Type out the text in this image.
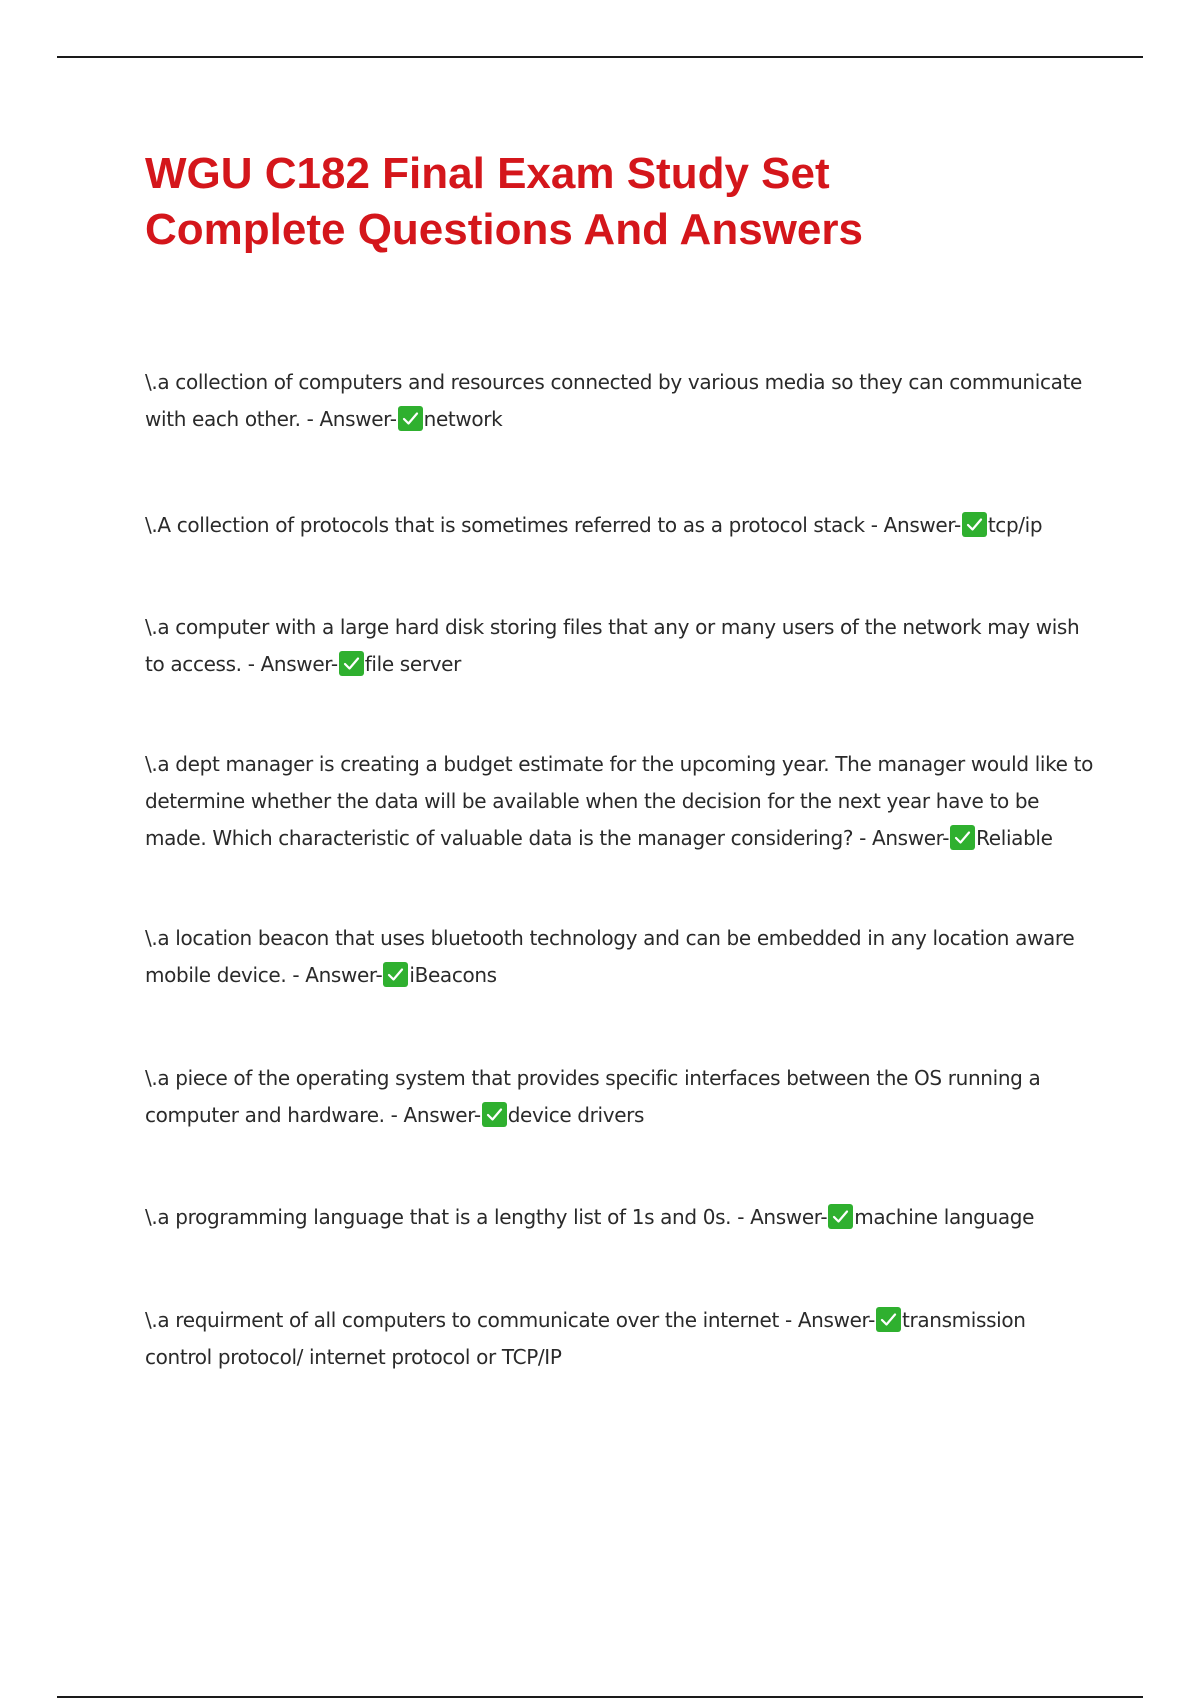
WGU C182 Final Exam Study Set
Complete Questions And Answers
\.a collection of computers and resources connected by various media so they can communicate with each other. - Answer- network
\.A collection of protocols that is sometimes referred to as a protocol stack - Answer- tcp/ip
\.a computer with a large hard disk storing files that any or many users of the network may wish to access. - Answer- file server
\.a dept manager is creating a budget estimate for the upcoming year. The manager would like to determine whether the data will be available when the decision for the next year have to be made. Which characteristic of valuable data is the manager considering? - Answer- Reliable
\.a location beacon that uses bluetooth technology and can be embedded in any location aware mobile device. - Answer- iBeacons
\.a piece of the operating system that provides specific interfaces between the OS running a computer and hardware. - Answer- device drivers
\.a programming language that is a lengthy list of 1s and 0s. - Answer- machine language
\.a requirment of all computers to communicate over the internet - Answer- transmission control protocol/ internet protocol or TCP/IP
